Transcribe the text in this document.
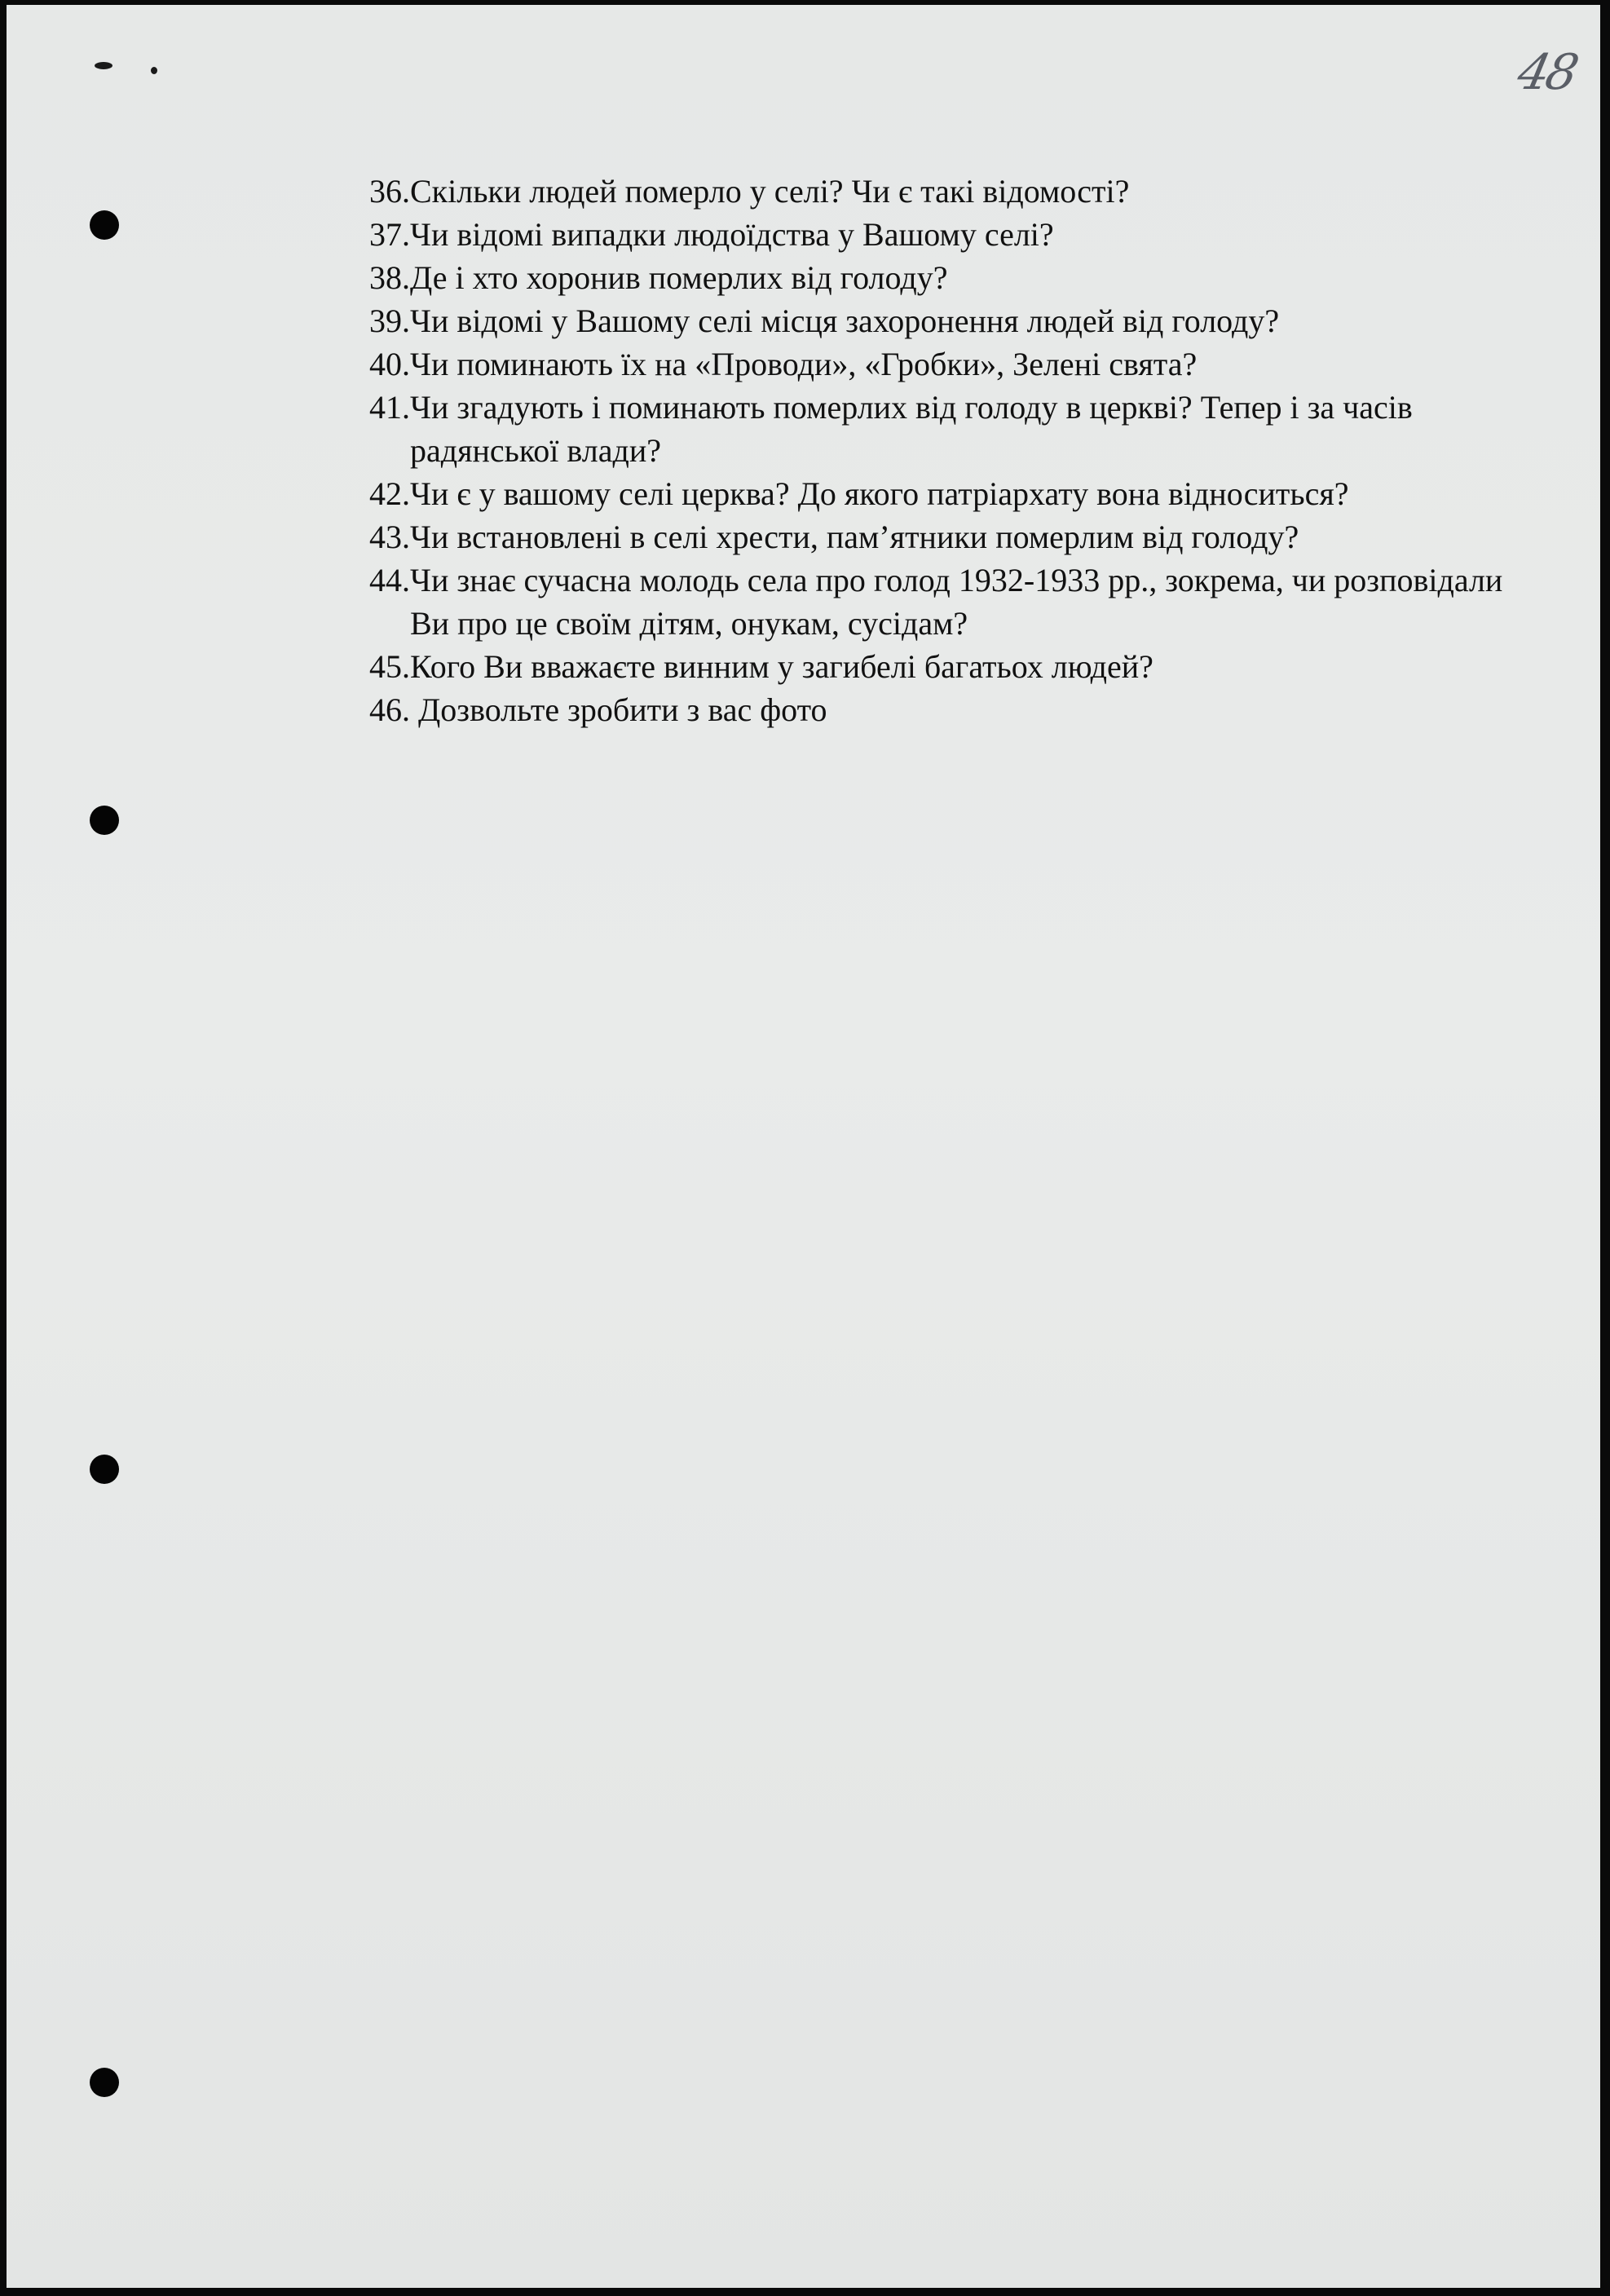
48
36. Скільки людей померло у селі? Чи є такі відомості?
37. Чи відомі випадки людоїдства у Вашому селі?
38. Де і хто хоронив померлих від голоду?
39. Чи відомі у Вашому селі місця захоронення людей від голоду?
40. Чи поминають їх на «Проводи», «Гробки», Зелені свята?
41. Чи згадують і поминають померлих від голоду в церкві? Тепер і за часів радянської влади?
42. Чи є у вашому селі церква? До якого патріархату вона відноситься?
43. Чи встановлені в селі хрести, пам’ятники померлим від голоду?
44. Чи знає сучасна молодь села про голод 1932-1933 рр., зокрема, чи розповідали Ви про це своїм дітям, онукам, сусідам?
45. Кого Ви вважаєте винним у загибелі багатьох людей?
46. Дозвольте зробити з вас фото
